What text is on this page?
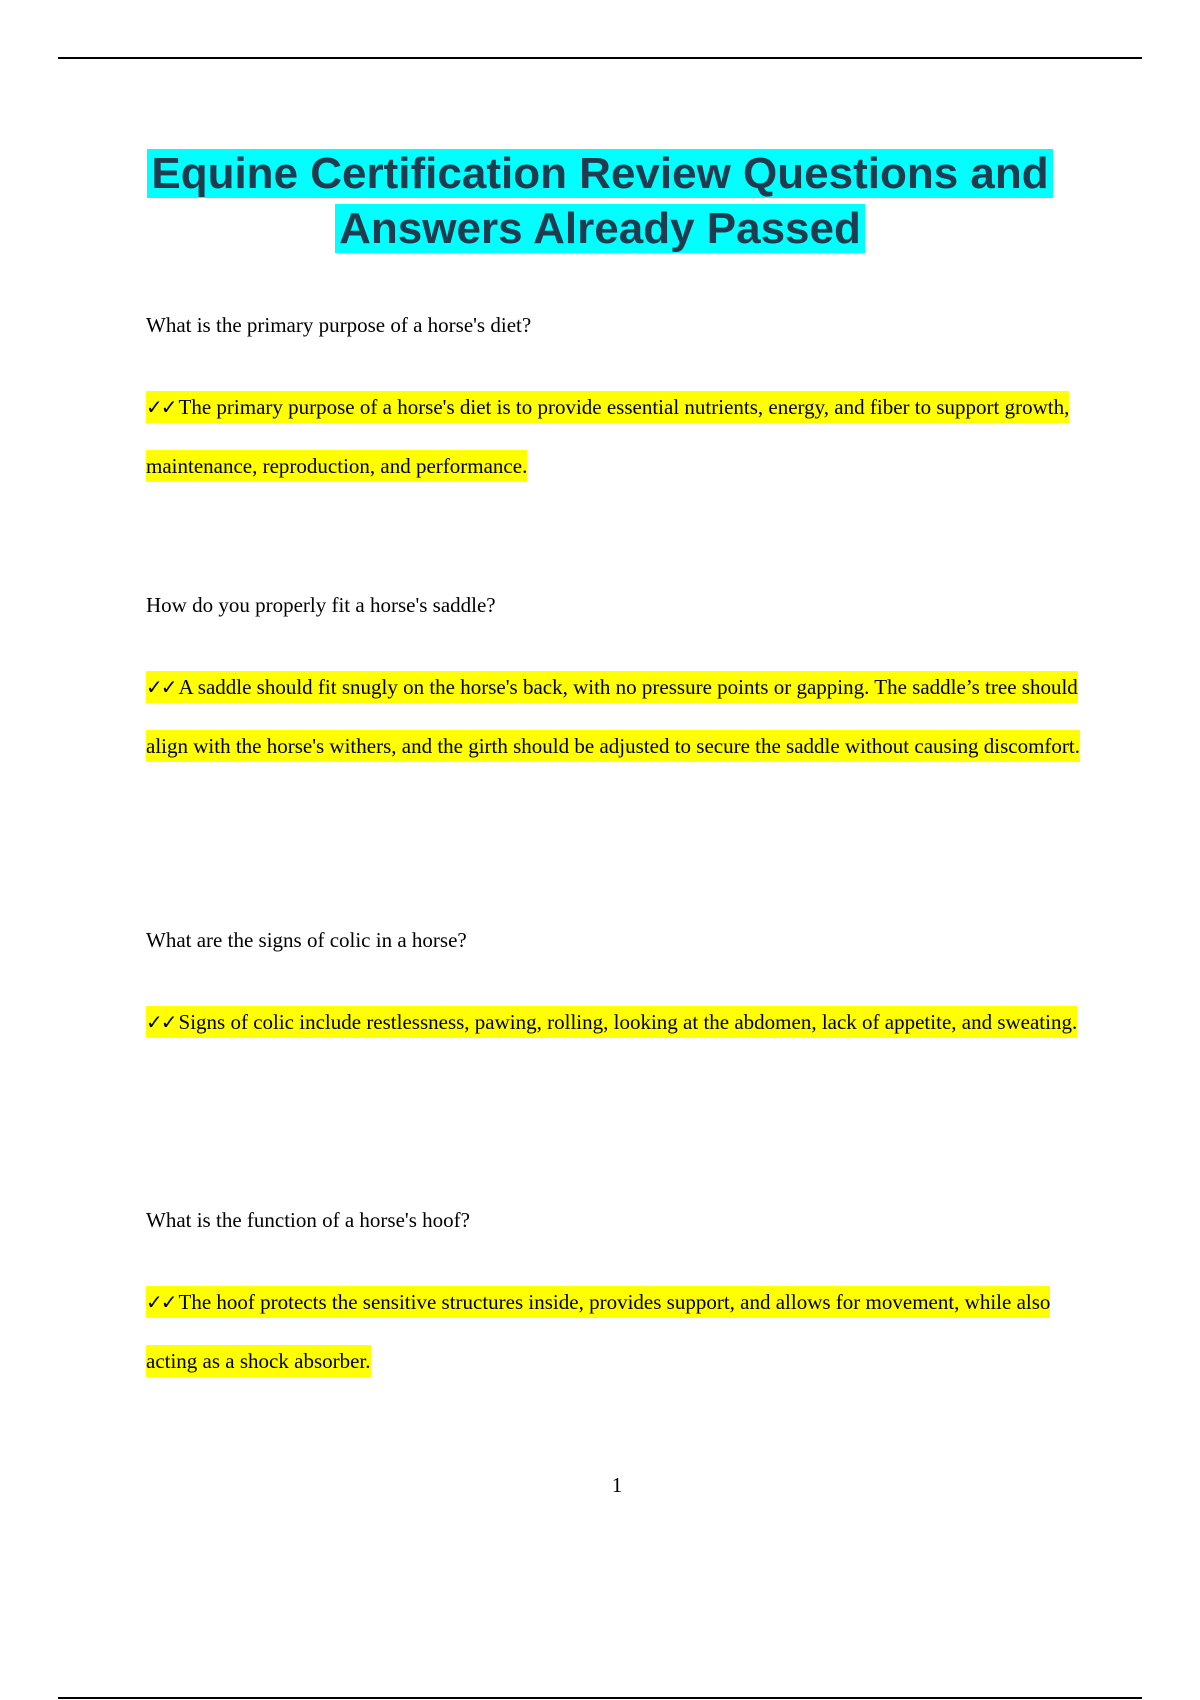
Equine Certification Review Questions and Answers Already Passed

What is the primary purpose of a horse's diet?

✓✓ The primary purpose of a horse's diet is to provide essential nutrients, energy, and fiber to support growth, maintenance, reproduction, and performance.

How do you properly fit a horse's saddle?

✓✓ A saddle should fit snugly on the horse's back, with no pressure points or gapping. The saddle’s tree should align with the horse's withers, and the girth should be adjusted to secure the saddle without causing discomfort.

What are the signs of colic in a horse?

✓✓ Signs of colic include restlessness, pawing, rolling, looking at the abdomen, lack of appetite, and sweating.

What is the function of a horse's hoof?

✓✓ The hoof protects the sensitive structures inside, provides support, and allows for movement, while also acting as a shock absorber.

1
